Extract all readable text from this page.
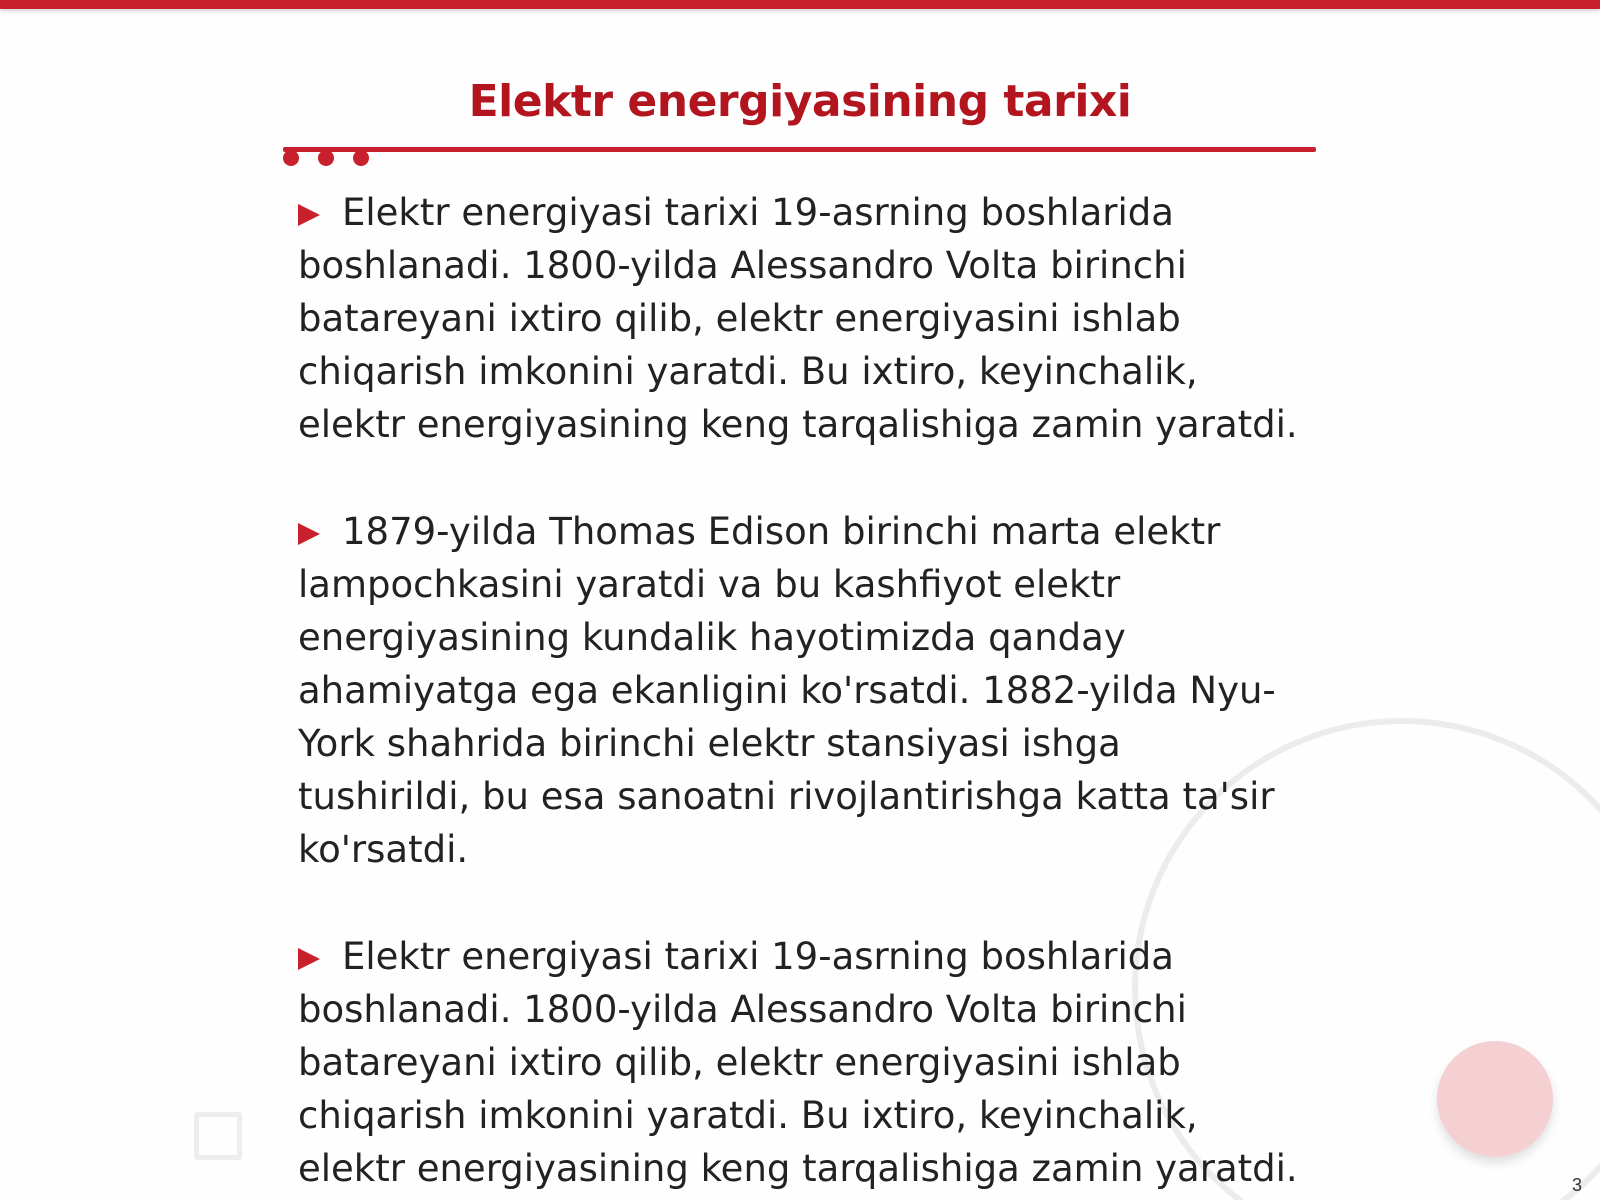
Elektr energiyasining tarixi

Elektr energiyasi tarixi 19-asrning boshlarida boshlanadi. 1800-yilda Alessandro Volta birinchi batareyani ixtiro qilib, elektr energiyasini ishlab chiqarish imkonini yaratdi. Bu ixtiro, keyinchalik, elektr energiyasining keng tarqalishiga zamin yaratdi.

1879-yilda Thomas Edison birinchi marta elektr lampochkasini yaratdi va bu kashfiyot elektr energiyasining kundalik hayotimizda qanday ahamiyatga ega ekanligini ko'rsatdi. 1882-yilda Nyu-York shahrida birinchi elektr stansiyasi ishga tushirildi, bu esa sanoatni rivojlantirishga katta ta'sir ko'rsatdi.

Elektr energiyasi tarixi 19-asrning boshlarida boshlanadi. 1800-yilda Alessandro Volta birinchi batareyani ixtiro qilib, elektr energiyasini ishlab chiqarish imkonini yaratdi. Bu ixtiro, keyinchalik, elektr energiyasining keng tarqalishiga zamin yaratdi.	3
